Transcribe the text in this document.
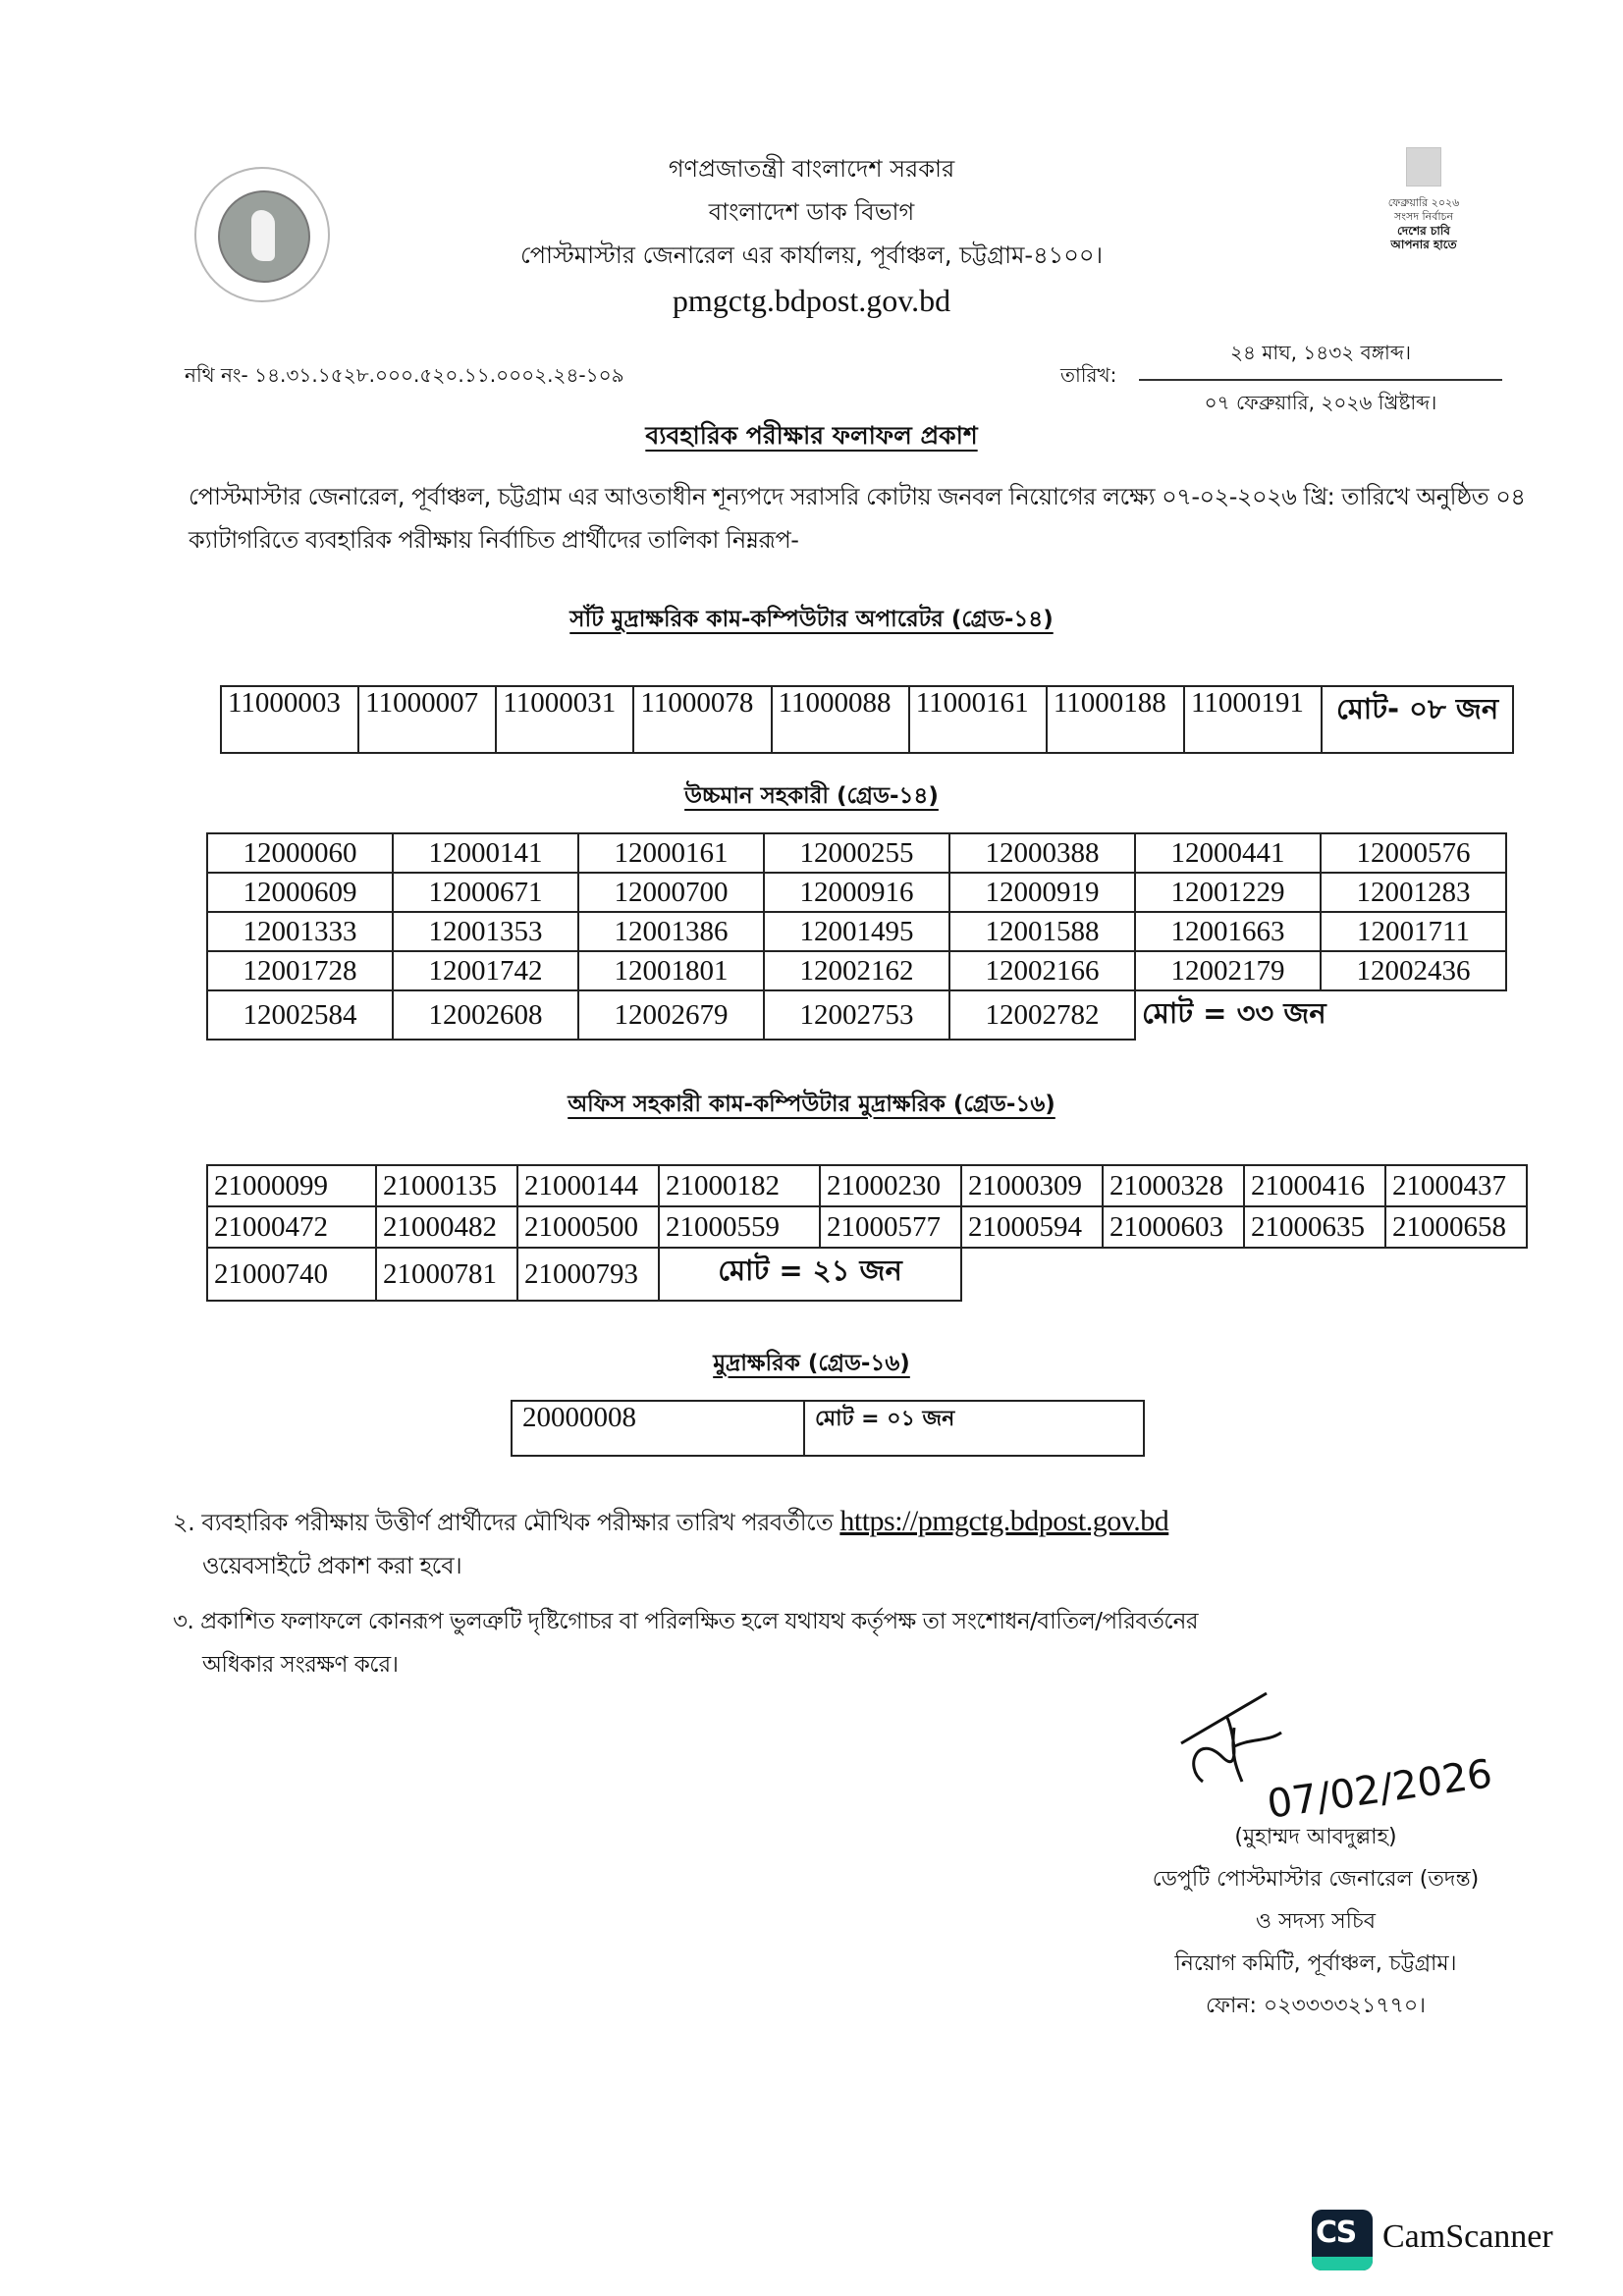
ফেব্রুয়ারি ২০২৬
সংসদ নির্বাচন
দেশের চাবি
আপনার হাতে
গণপ্রজাতন্ত্রী বাংলাদেশ সরকার
বাংলাদেশ ডাক বিভাগ
পোস্টমাস্টার জেনারেল এর কার্যালয়, পূর্বাঞ্চল, চট্টগ্রাম-৪১০০।
pmgctg.bdpost.gov.bd
নথি নং- ১৪.৩১.১৫২৮.০০০.৫২০.১১.০০০২.২৪-১০৯	তারিখ:
২৪ মাঘ, ১৪৩২ বঙ্গাব্দ।
০৭ ফেব্রুয়ারি, ২০২৬ খ্রিষ্টাব্দ।
ব্যবহারিক পরীক্ষার ফলাফল প্রকাশ
পোস্টমাস্টার জেনারেল, পূর্বাঞ্চল, চট্টগ্রাম এর আওতাধীন শূন্যপদে সরাসরি কোটায় জনবল নিয়োগের লক্ষ্যে ০৭-০২-২০২৬ খ্রি: তারিখে অনুষ্ঠিত ০৪ ক্যাটাগরিতে ব্যবহারিক পরীক্ষায় নির্বাচিত প্রার্থীদের তালিকা নিম্নরূপ-
সাঁট মুদ্রাক্ষরিক কাম-কম্পিউটার অপারেটর (গ্রেড-১৪)
11000003	11000007	11000031	11000078	11000088	11000161	11000188	11000191	মোট- ০৮ জন
উচ্চমান সহকারী (গ্রেড-১৪)
12000060	12000141	12000161	12000255	12000388	12000441	12000576
12000609	12000671	12000700	12000916	12000919	12001229	12001283
12001333	12001353	12001386	12001495	12001588	12001663	12001711
12001728	12001742	12001801	12002162	12002166	12002179	12002436
12002584	12002608	12002679	12002753	12002782	মোট = ৩৩ জন	
অফিস সহকারী কাম-কম্পিউটার মুদ্রাক্ষরিক (গ্রেড-১৬)
21000099	21000135	21000144	21000182	21000230	21000309	21000328	21000416	21000437
21000472	21000482	21000500	21000559	21000577	21000594	21000603	21000635	21000658
21000740	21000781	21000793	মোট = ২১ জন					
মুদ্রাক্ষরিক (গ্রেড-১৬)
20000008	মোট = ০১ জন
২. ব্যবহারিক পরীক্ষায় উত্তীর্ণ প্রার্থীদের মৌখিক পরীক্ষার তারিখ পরবর্তীতে https://pmgctg.bdpost.gov.bd
ওয়েবসাইটে প্রকাশ করা হবে।
৩. প্রকাশিত ফলাফলে কোনরূপ ভুলত্রুটি দৃষ্টিগোচর বা পরিলক্ষিত হলে যথাযথ কর্তৃপক্ষ তা সংশোধন/বাতিল/পরিবর্তনের
অধিকার সংরক্ষণ করে।
07/02/2026
(মুহাম্মদ আবদুল্লাহ)
ডেপুটি পোস্টমাস্টার জেনারেল (তদন্ত)
ও সদস্য সচিব
নিয়োগ কমিটি, পূর্বাঞ্চল, চট্টগ্রাম।
ফোন: ০২৩৩৩৩২১৭৭০।
CS CamScanner
